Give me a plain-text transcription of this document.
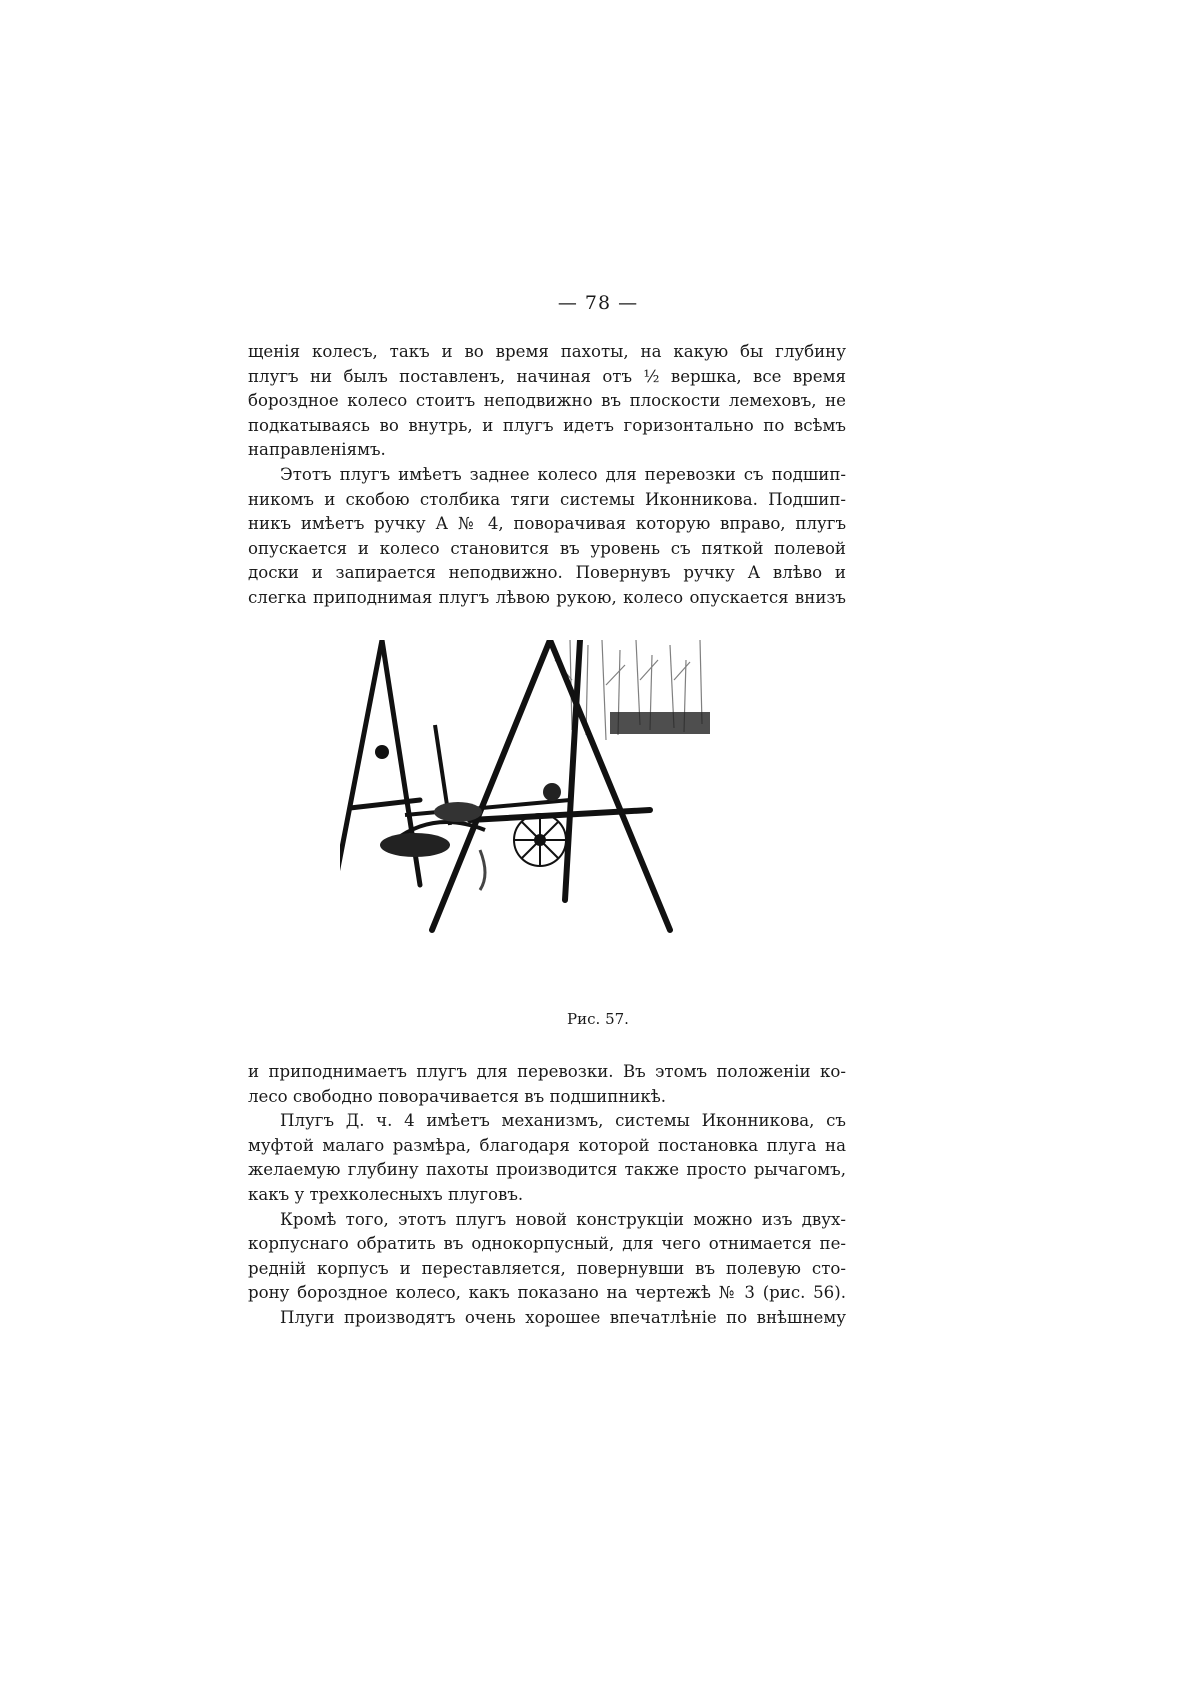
— 78 —
щенія колесъ, такъ и во время пахоты, на какую бы глубину
плугъ ни былъ поставленъ, начиная отъ ½ вершка, все время
бороздное колесо стоитъ неподвижно въ плоскости лемеховъ, не
подкатываясь во внутрь, и плугъ идетъ горизонтально по всѣмъ
направленіямъ.
Этотъ плугъ имѣетъ заднее колесо для перевозки съ подшип-
никомъ и скобою столбика тяги системы Иконникова. Подшип-
никъ имѣетъ ручку А № 4, поворачивая которую вправо, плугъ
опускается и колесо становится въ уровень съ пяткой полевой
доски и запирается неподвижно. Повернувъ ручку А влѣво и
слегка приподнимая плугъ лѣвою рукою, колесо опускается внизъ
Рис. 57.
и приподнимаетъ плугъ для перевозки. Въ этомъ положеніи ко-
лесо свободно поворачивается въ подшипникѣ.
Плугъ Д. ч. 4 имѣетъ механизмъ, системы Иконникова, съ
муфтой малаго размѣра, благодаря которой постановка плуга на
желаемую глубину пахоты производится также просто рычагомъ,
какъ у трехколесныхъ плуговъ.
Кромѣ того, этотъ плугъ новой конструкціи можно изъ двух-
корпуснаго обратить въ однокорпусный, для чего отнимается пе-
редній корпусъ и переставляется, повернувши въ полевую сто-
рону бороздное колесо, какъ показано на чертежѣ № 3 (рис. 56).
Плуги производятъ очень хорошее впечатлѣніе по внѣшнему
